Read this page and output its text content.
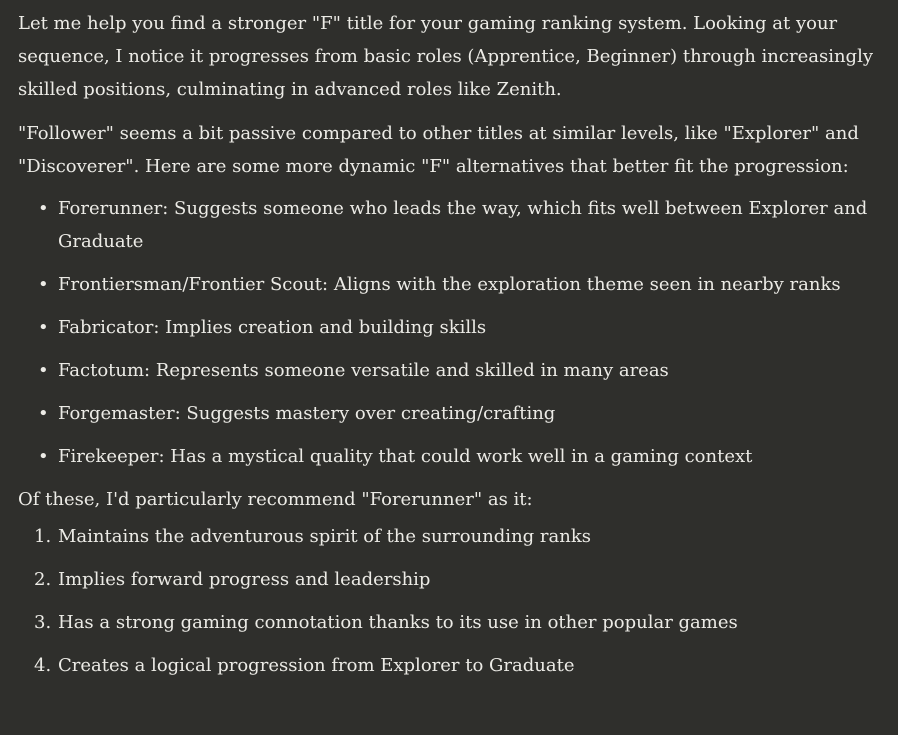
Let me help you find a stronger "F" title for your gaming ranking system. Looking at your sequence, I notice it progresses from basic roles (Apprentice, Beginner) through increasingly skilled positions, culminating in advanced roles like Zenith.

"Follower" seems a bit passive compared to other titles at similar levels, like "Explorer" and "Discoverer". Here are some more dynamic "F" alternatives that better fit the progression:

• Forerunner: Suggests someone who leads the way, which fits well between Explorer and Graduate
• Frontiersman/Frontier Scout: Aligns with the exploration theme seen in nearby ranks
• Fabricator: Implies creation and building skills
• Factotum: Represents someone versatile and skilled in many areas
• Forgemaster: Suggests mastery over creating/crafting
• Firekeeper: Has a mystical quality that could work well in a gaming context

Of these, I'd particularly recommend "Forerunner" as it:

1. Maintains the adventurous spirit of the surrounding ranks
2. Implies forward progress and leadership
3. Has a strong gaming connotation thanks to its use in other popular games
4. Creates a logical progression from Explorer to Graduate
